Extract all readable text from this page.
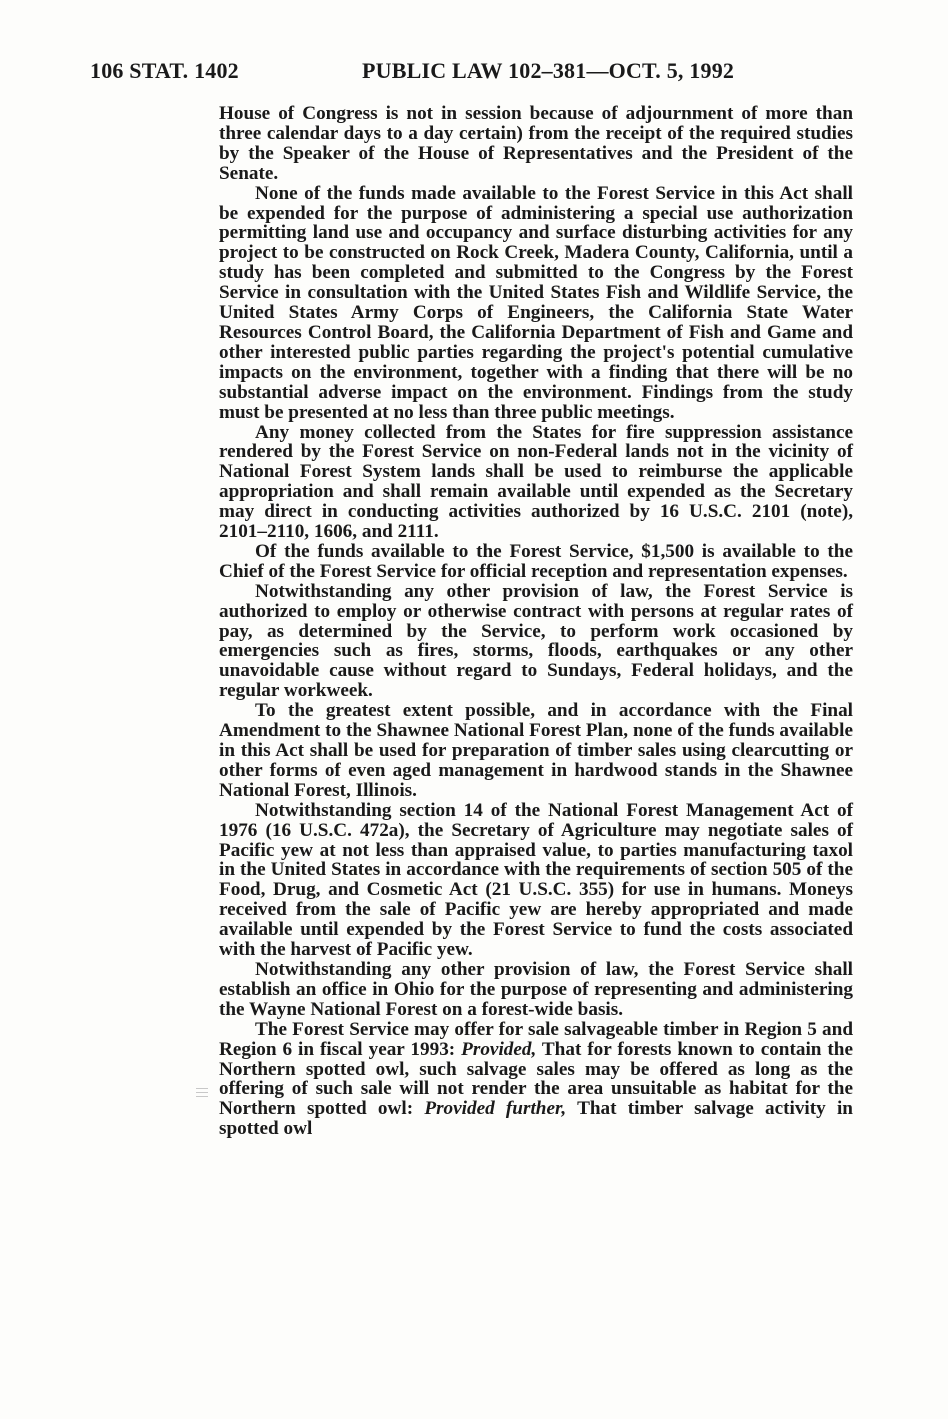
106 STAT. 1402	PUBLIC LAW 102–381—OCT. 5, 1992

House of Congress is not in session because of adjournment of more than three calendar days to a day certain) from the receipt of the required studies by the Speaker of the House of Representatives and the President of the Senate.

None of the funds made available to the Forest Service in this Act shall be expended for the purpose of administering a special use authorization permitting land use and occupancy and surface disturbing activities for any project to be constructed on Rock Creek, Madera County, California, until a study has been completed and submitted to the Congress by the Forest Service in consultation with the United States Fish and Wildlife Service, the United States Army Corps of Engineers, the California State Water Resources Control Board, the California Department of Fish and Game and other interested public parties regarding the project's potential cumulative impacts on the environment, together with a finding that there will be no substantial adverse impact on the environment. Findings from the study must be presented at no less than three public meetings.

Any money collected from the States for fire suppression assistance rendered by the Forest Service on non-Federal lands not in the vicinity of National Forest System lands shall be used to reimburse the applicable appropriation and shall remain available until expended as the Secretary may direct in conducting activities authorized by 16 U.S.C. 2101 (note), 2101–2110, 1606, and 2111.

Of the funds available to the Forest Service, $1,500 is available to the Chief of the Forest Service for official reception and representation expenses.

Notwithstanding any other provision of law, the Forest Service is authorized to employ or otherwise contract with persons at regular rates of pay, as determined by the Service, to perform work occasioned by emergencies such as fires, storms, floods, earthquakes or any other unavoidable cause without regard to Sundays, Federal holidays, and the regular workweek.

To the greatest extent possible, and in accordance with the Final Amendment to the Shawnee National Forest Plan, none of the funds available in this Act shall be used for preparation of timber sales using clearcutting or other forms of even aged management in hardwood stands in the Shawnee National Forest, Illinois.

Notwithstanding section 14 of the National Forest Management Act of 1976 (16 U.S.C. 472a), the Secretary of Agriculture may negotiate sales of Pacific yew at not less than appraised value, to parties manufacturing taxol in the United States in accordance with the requirements of section 505 of the Food, Drug, and Cosmetic Act (21 U.S.C. 355) for use in humans. Moneys received from the sale of Pacific yew are hereby appropriated and made available until expended by the Forest Service to fund the costs associated with the harvest of Pacific yew.

Notwithstanding any other provision of law, the Forest Service shall establish an office in Ohio for the purpose of representing and administering the Wayne National Forest on a forest-wide basis.

The Forest Service may offer for sale salvageable timber in Region 5 and Region 6 in fiscal year 1993: Provided, That for forests known to contain the Northern spotted owl, such salvage sales may be offered as long as the offering of such sale will not render the area unsuitable as habitat for the Northern spotted owl: Provided further, That timber salvage activity in spotted owl
